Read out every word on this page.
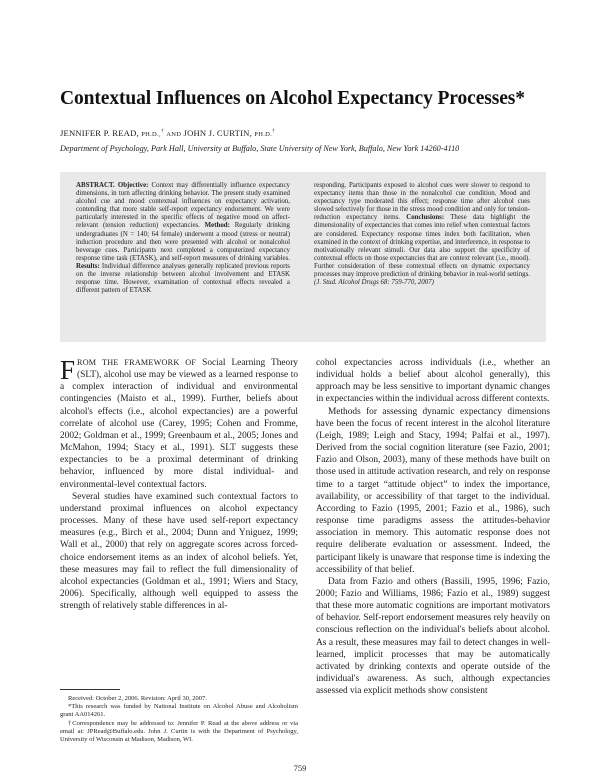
Contextual Influences on Alcohol Expectancy Processes*
JENNIFER P. READ, PH.D.,† AND JOHN J. CURTIN, PH.D.†
Department of Psychology, Park Hall, University at Buffalo, State University of New York, Buffalo, New York 14260-4110
ABSTRACT. Objective: Context may differentially influence expectancy dimensions, in turn affecting drinking behavior. The present study examined alcohol cue and mood contextual influences on expectancy activation, contending that more stable self-report expectancy endorsement. We were particularly interested in the specific effects of negative mood on affect-relevant (tension reduction) expectancies. Method: Regularly drinking undergraduates (N = 140; 64 female) underwent a mood (stress or neutral) induction procedure and then were presented with alcohol or nonalcohol beverage cues. Participants next completed a computerized expectancy response time task (ETASK), and self-report measures of drinking variables. Results: Individual difference analyses generally replicated previous reports on the inverse relationship between alcohol involvement and ETASK response time. However, examination of contextual effects revealed a different pattern of ETASK
responding. Participants exposed to alcohol cues were slower to respond to expectancy items than those in the nonalcohol cue condition. Mood and expectancy type moderated this effect; response time after alcohol cues slowed selectively for those in the stress mood condition and only for tension-reduction expectancy items. Conclusions: These data highlight the dimensionality of expectancies that comes into relief when contextual factors are considered. Expectancy response times index both facilitation, when examined in the context of drinking expertise, and interference, in response to motivationally relevant stimuli. Our data also support the specificity of contextual effects on those expectancies that are context relevant (i.e., mood). Further consideration of these contextual effects on dynamic expectancy processes may improve prediction of drinking behavior in real-world settings. (J. Stud. Alcohol Drugs 68: 759-770, 2007)

FROM THE FRAMEWORK OF Social Learning Theory (SLT), alcohol use may be viewed as a learned response to a complex interaction of individual and environmental contingencies (Maisto et al., 1999). Further, beliefs about alcohol's effects (i.e., alcohol expectancies) are a powerful correlate of alcohol use (Carey, 1995; Cohen and Fromme, 2002; Goldman et al., 1999; Greenbaum et al., 2005; Jones and McMahon, 1994; Stacy et al., 1991). SLT suggests these expectancies to be a proximal determinant of drinking behavior, influenced by more distal individual- and environmental-level contextual factors.

Several studies have examined such contextual factors to understand proximal influences on alcohol expectancy processes. Many of these have used self-report expectancy measures (e.g., Birch et al., 2004; Dunn and Yniguez, 1999; Wall et al., 2000) that rely on aggregate scores across forced-choice endorsement items as an index of alcohol beliefs. Yet, these measures may fail to reflect the full dimensionality of alcohol expectancies (Goldman et al., 1991; Wiers and Stacy, 2006). Specifically, although well equipped to assess the strength of relatively stable differences in al-

cohol expectancies across individuals (i.e., whether an individual holds a belief about alcohol generally), this approach may be less sensitive to important dynamic changes in expectancies within the individual across different contexts.

Methods for assessing dynamic expectancy dimensions have been the focus of recent interest in the alcohol literature (Leigh, 1989; Leigh and Stacy, 1994; Palfai et al., 1997). Derived from the social cognition literature (see Fazio, 2001; Fazio and Olson, 2003), many of these methods have built on those used in attitude activation research, and rely on response time to a target “attitude object” to index the importance, availability, or accessibility of that target to the individual. According to Fazio (1995, 2001; Fazio et al., 1986), such response time paradigms assess the attitudes-behavior association in memory. This automatic response does not require deliberate evaluation or assessment. Indeed, the participant likely is unaware that response time is indexing the accessibility of that belief.

Data from Fazio and others (Bassili, 1995, 1996; Fazio, 2000; Fazio and Williams, 1986; Fazio et al., 1989) suggest that these more automatic cognitions are important motivators of behavior. Self-report endorsement measures rely heavily on conscious reflection on the individual's beliefs about alcohol. As a result, these measures may fail to detect changes in well-learned, implicit processes that may be automatically activated by drinking contexts and operate outside of the individual's awareness. As such, although expectancies assessed via explicit methods show consistent

Received: October 2, 2006. Revision: April 30, 2007.

*This research was funded by National Institute on Alcohol Abuse and Alcoholism grant AA014261.

†Correspondence may be addressed to: Jennifer P. Read at the above address or via email at: JPRead@Buffalo.edu. John J. Curtin is with the Department of Psychology, University of Wisconsin at Madison, Madison, WI.

759
